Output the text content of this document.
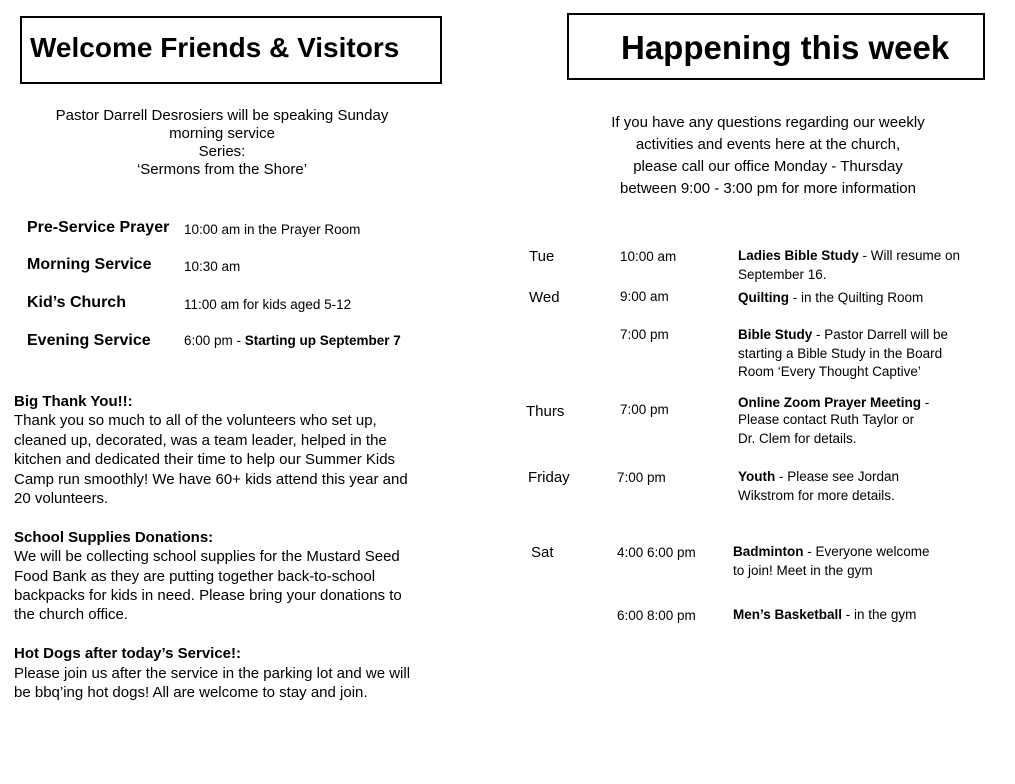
Welcome Friends & Visitors
Pastor Darrell Desrosiers will be speaking Sunday
morning service
Series:
‘Sermons from the Shore’
Pre-Service Prayer 10:00 am in the Prayer Room
Morning Service 10:30 am
Kid’s Church	11:00 am for kids aged 5-12
Evening Service 6:00 pm - Starting up September 7
Big Thank You!!:
Thank you so much to all of the volunteers who set up,
cleaned up, decorated, was a team leader, helped in the
kitchen and dedicated their time to help our Summer Kids
Camp run smoothly! We have 60+ kids attend this year and
20 volunteers.
School Supplies Donations:
We will be collecting school supplies for the Mustard Seed
Food Bank as they are putting together back-to-school
backpacks for kids in need. Please bring your donations to
the church office.
Hot Dogs after today’s Service!:
Please join us after the service in the parking lot and we will
be bbq’ing hot dogs! All are welcome to stay and join.
Happening this week
If you have any questions regarding our weekly
activities and events here at the church,
please call our office Monday - Thursday
between 9:00 - 3:00 pm for more information
Tue	10:00 am	Ladies Bible Study - Will resume on
September 16.
Wed	9:00 am	Quilting - in the Quilting Room
7:00 pm	Bible Study - Pastor Darrell will be
starting a Bible Study in the Board
Room ‘Every Thought Captive’
Thurs	7:00 pm	Online Zoom Prayer Meeting -
Please contact Ruth Taylor or
Dr. Clem for details.
Friday	7:00 pm	Youth - Please see Jordan
Wikstrom for more details.
Sat	4:00 6:00 pm	Badminton - Everyone welcome
to join! Meet in the gym
6:00 8:00 pm	Men’s Basketball - in the gym
